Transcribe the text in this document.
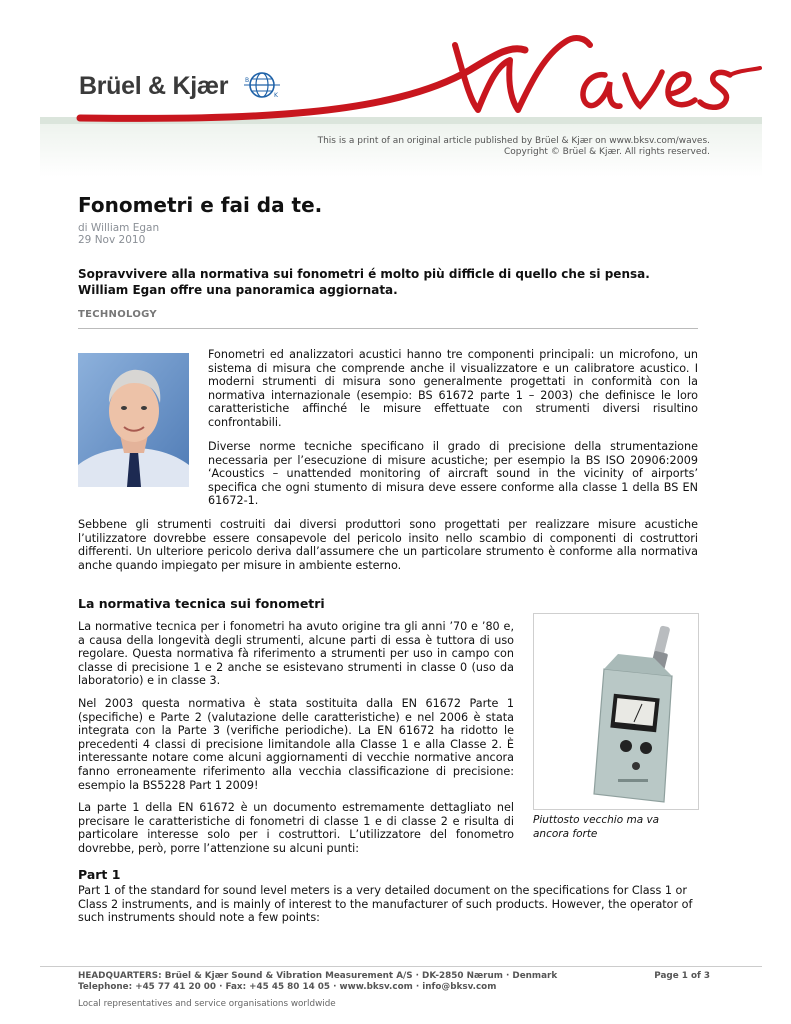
Brüel & Kjær	B
K
This is a print of an original article published by Brüel & Kjær on www.bksv.com/waves.
Copyright © Brüel & Kjær. All rights reserved.
Fonometri e fai da te.
di William Egan
29 Nov 2010
Sopravvivere alla normativa sui fonometri é molto più difficle di quello che si pensa.
William Egan offre una panoramica aggiornata.
TECHNOLOGY

Fonometri ed analizzatori acustici hanno tre componenti principali: un microfono, un sistema di misura che comprende anche il visualizzatore e un calibratore acustico. I moderni strumenti di misura sono generalmente progettati in conformità con la normativa internazionale (esempio: BS 61672 parte 1 – 2003) che definisce le loro caratteristiche affinché le misure effettuate con strumenti diversi risultino confrontabili.

Diverse norme tecniche specificano il grado di precisione della strumentazione necessaria per l’esecuzione di misure acustiche; per esempio la BS ISO 20906:2009 ‘Acoustics – unattended monitoring of aircraft sound in the vicinity of airports’ specifica che ogni stumento di misura deve essere conforme alla classe 1 della BS EN 61672-1.

Sebbene gli strumenti costruiti dai diversi produttori sono progettati per realizzare misure acustiche l’utilizzatore dovrebbe essere consapevole del pericolo insito nello scambio di componenti di costruttori differenti. Un ulteriore pericolo deriva dall’assumere che un particolare strumento è conforme alla normativa anche quando impiegato per misure in ambiente esterno.

La normativa tecnica sui fonometri

La normative tecnica per i fonometri ha avuto origine tra gli anni ’70 e ’80 e, a causa della longevità degli strumenti, alcune parti di essa è tuttora di uso regolare. Questa normativa fà riferimento a strumenti per uso in campo con classe di precisione 1 e 2 anche se esistevano strumenti in classe 0 (uso da laboratorio) e in classe 3.

Nel 2003 questa normativa è stata sostituita dalla EN 61672 Parte 1 (specifiche) e Parte 2 (valutazione delle caratteristiche) e nel 2006 è stata integrata con la Parte 3 (verifiche periodiche). La EN 61672 ha ridotto le precedenti 4 classi di precisione limitandole alla Classe 1 e alla Classe 2. È interessante notare come alcuni aggiornamenti di vecchie normative ancora fanno erroneamente riferimento alla vecchia classificazione di precisione: esempio la BS5228 Part 1 2009!

La parte 1 della EN 61672 è un documento estremamente dettagliato nel precisare le caratteristiche di fonometri di classe 1 e di classe 2 e risulta di particolare interesse solo per i costruttori. L’utilizzatore del fonometro dovrebbe, però, porre l’attenzione su alcuni punti:

Piuttosto vecchio ma va
ancora forte
Part 1

Part 1 of the standard for sound level meters is a very detailed document on the specifications for Class 1 or Class 2 instruments, and is mainly of interest to the manufacturer of such products. However, the operator of such instruments should note a few points:

HEADQUARTERS: Brüel & Kjær Sound & Vibration Measurement A/S · DK-2850 Nærum · Denmark
Telephone: +45 77 41 20 00 · Fax: +45 45 80 14 05 · www.bksv.com · info@bksv.com
Page 1 of 3
Local representatives and service organisations worldwide
